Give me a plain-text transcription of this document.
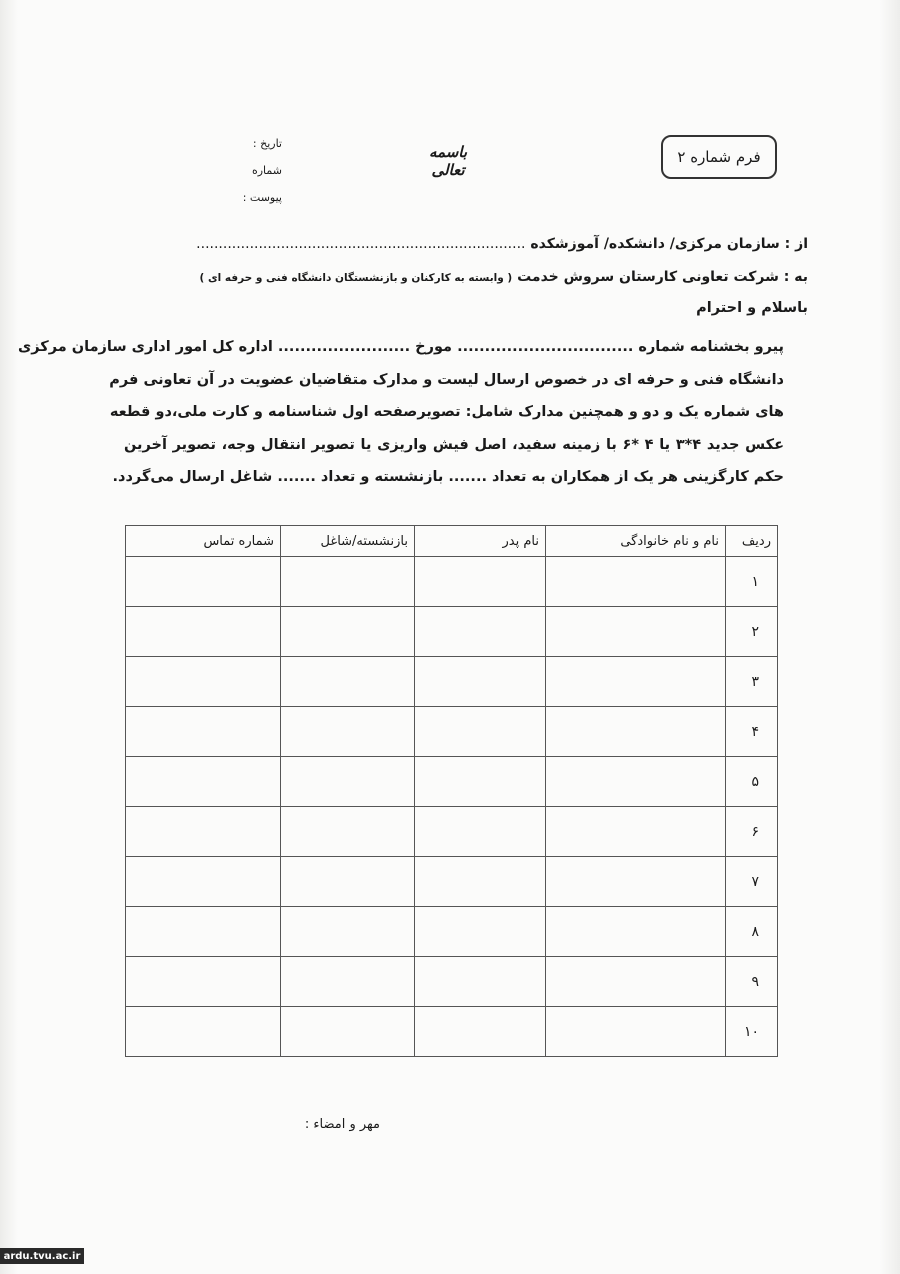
فرم شماره ۲
باسمه تعالی
تاریخ :
شماره
پیوست :
از : سازمان مرکزی/ دانشکده/ آموزشکده ..........................................................................
به : شرکت تعاونی کارستان سروش خدمت ( وابسته به کارکنان و بازنشستگان دانشگاه فنی و حرفه ای )
باسلام و احترام
پیرو بخشنامه شماره ................................ مورخ ........................ اداره کل امور اداری سازمان مرکزی
دانشگاه فنی و حرفه ای در خصوص ارسال لیست و مدارک متقاضیان عضویت در آن تعاونی فرم
های شماره یک و دو و همچنین مدارک شامل: تصویرصفحه اول شناسنامه و کارت ملی،دو قطعه
عکس جدید ۴*۳ یا ۴ *۶ با زمینه سفید، اصل فیش واریزی یا تصویر انتقال وجه، تصویر آخرین
حکم کارگزینی هر یک از همکاران به تعداد ....... بازنشسته و تعداد ....... شاغل ارسال می‌گردد.
ردیف	نام و نام خانوادگی	نام پدر	بازنشسته/شاغل	شماره تماس
۱				
۲				
۳				
۴				
۵				
۶				
۷				
۸				
۹				
۱۰				
مهر و امضاء :
ardu.tvu.ac.ir
